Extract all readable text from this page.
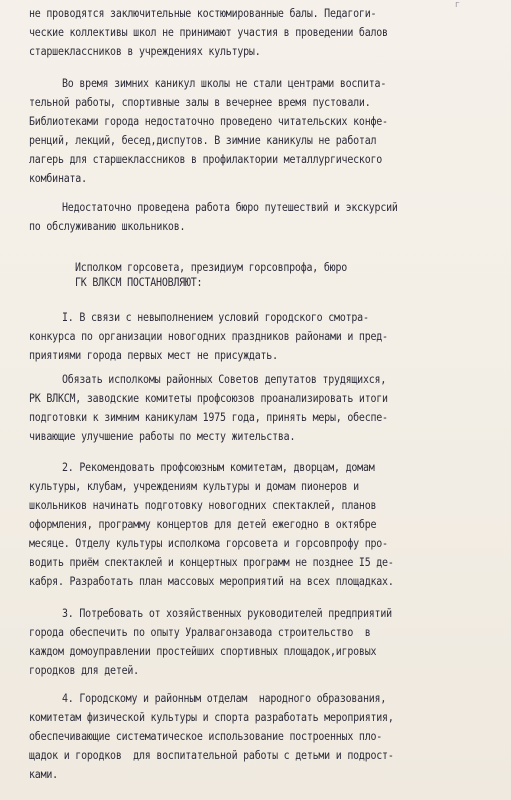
г
не проводятся заключительные костюмированные балы. Педагоги-
ческие коллективы школ не принимают участия в проведении балов
старшеклассников в учреждениях культуры.
Во время зимних каникул школы не стали центрами воспита-
тельной работы, спортивные залы в вечернее время пустовали.
Библиотеками города недостаточно проведено читательских конфе-
ренций, лекций, бесед,диспутов. В зимние каникулы не работал
лагерь для старшеклассников в профилактории металлургического
комбината.
Недостаточно проведена работа бюро путешествий и экскурсий
по обслуживанию школьников.
Исполком горсовета, президиум горсовпрофа, бюро
ГК ВЛКСМ ПОСТАНОВЛЯЮТ:
I. В связи с невыполнением условий городского смотра-
конкурса по организации новогодних праздников районами и пред-
приятиями города первых мест не присуждать.
Обязать исполкомы районных Советов депутатов трудящихся,
РК ВЛКСМ, заводские комитеты профсоюзов проанализировать итоги
подготовки к зимним каникулам 1975 года, принять меры, обеспе-
чивающие улучшение работы по месту жительства.
2. Рекомендовать профсоюзным комитетам, дворцам, домам
культуры, клубам, учреждениям культуры и домам пионеров и
школьников начинать подготовку новогодних спектаклей, планов
оформления, программу концертов для детей ежегодно в октябре
месяце. Отделу культуры исполкома горсовета и горсовпрофу про-
водить приём спектаклей и концертных программ не позднее I5 де-
кабря. Разработать план массовых мероприятий на всех площадках.
3. Потребовать от хозяйственных руководителей предприятий
города обеспечить по опыту Уралвагонзавода строительство  в
каждом домоуправлении простейших спортивных площадок,игровых
городков для детей.
4. Городскому и районным отделам  народного образования,
комитетам физической культуры и спорта разработать мероприятия,
обеспечивающие систематическое использование построенных пло-
щадок и городков  для воспитательной работы с детьми и подрост-
ками.
